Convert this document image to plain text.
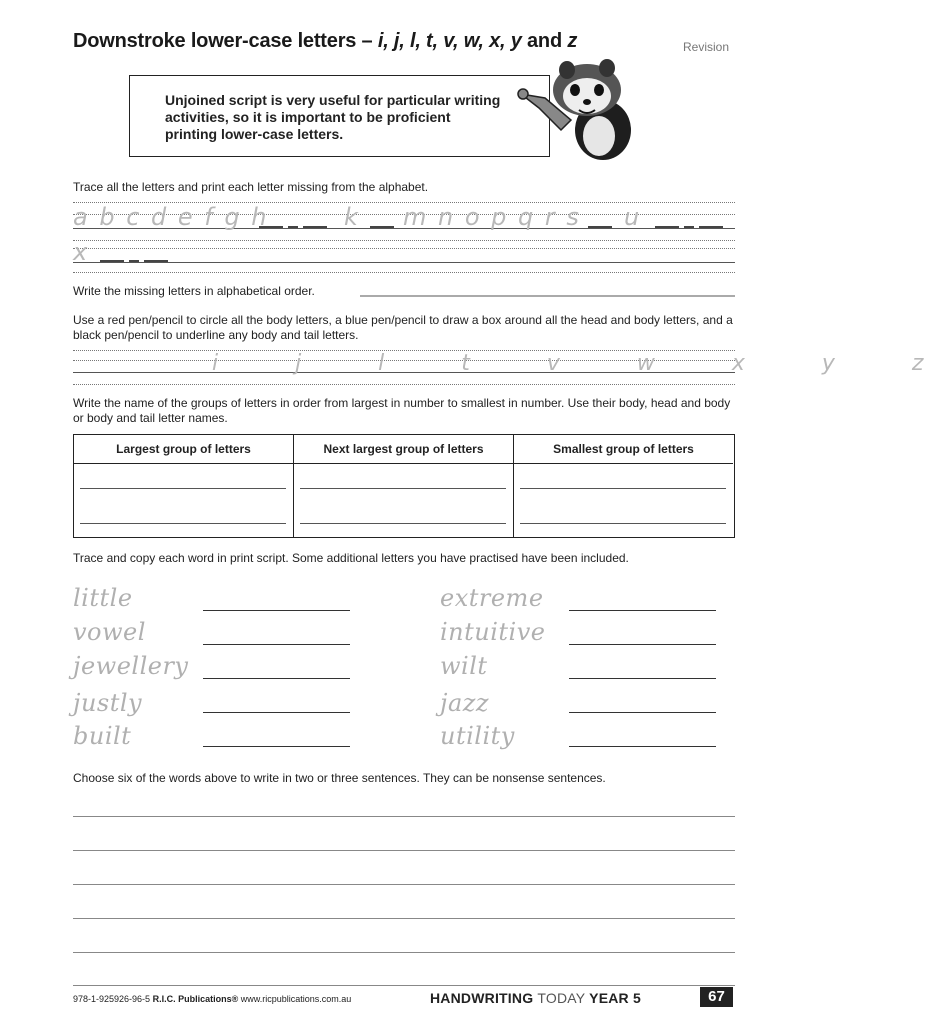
Downstroke lower-case letters – i, j, l, t, v, w, x, y and z	Revision
Unjoined script is very useful for particular writing activities, so it is important to be proficient printing lower-case letters.
Trace all the letters and print each letter missing from the alphabet.
a b c d e f g h	k m n o p q r s u
x
Write the missing letters in alphabetical order.
Use a red pen/pencil to circle all the body letters, a blue pen/pencil to draw a box around all the head and body letters, and a black pen/pencil to underline any body and tail letters.
i   j   l   t   v   w   x   y   z
Write the name of the groups of letters in order from largest in number to smallest in number. Use their body, head and body or body and tail letter names.
Largest group of letters	Next largest group of letters	Smallest group of letters
Trace and copy each word in print script. Some additional letters you have practised have been included.
little
vowel
jewellery
justly
built
extreme
intuitive
wilt
jazz
utility
Choose six of the words above to write in two or three sentences. They can be nonsense sentences.
978-1-925926-96-5 R.I.C. Publications® www.ricpublications.com.au	HANDWRITING TODAY YEAR 5	67
